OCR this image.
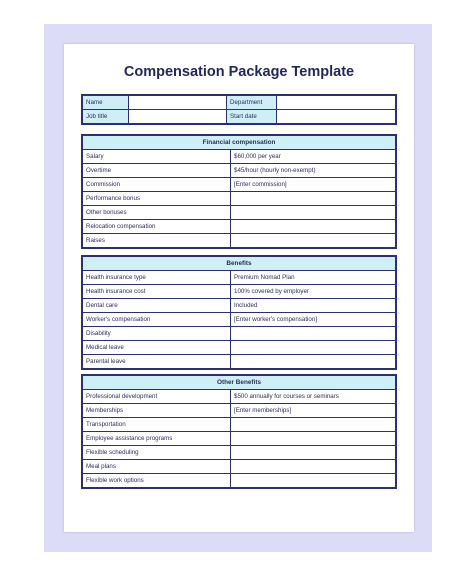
Compensation Package Template
Name		Department	
Job title		Start date	
Financial compensation	
Salary	$60,000 per year
Overtime	$45/hour (hourly non-exempt)
Commission	[Enter commission]
Performance bonus	
Other bonuses	
Relocation compensation	
Raises	
Benefits	
Health insurance type	Premium Nomad Plan
Health insurance cost	100% covered by employer
Dental care	Included
Worker's compensation	[Enter worker's compensation]
Disability	
Medical leave	
Parental leave	
Other Benefits	
Professional development	$500 annually for courses or seminars
Memberships	[Enter memberships]
Transportation	
Employee assistance programs	
Flexible scheduling	
Meal plans	
Flexible work options	
